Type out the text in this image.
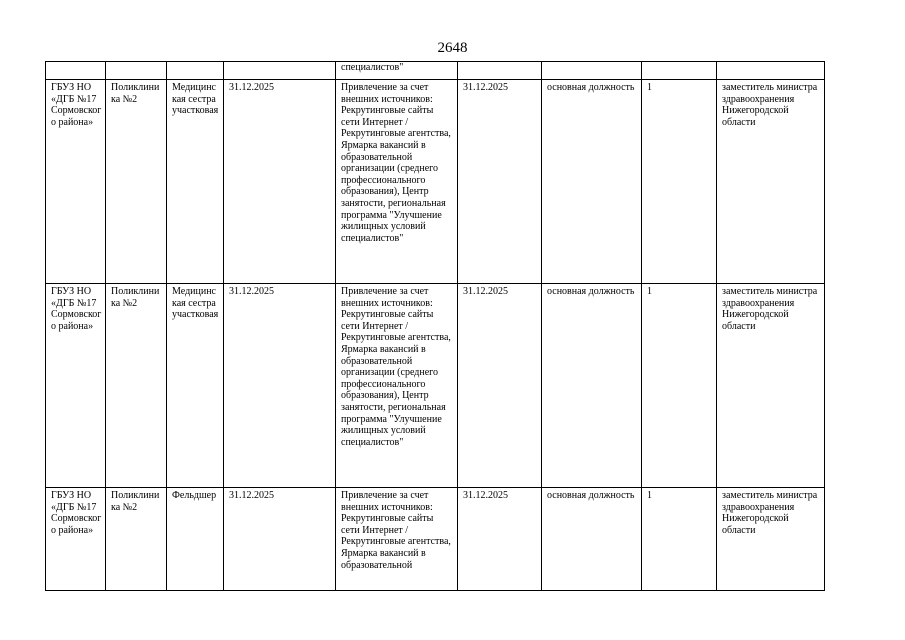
2648
				специалистов"				
ГБУЗ НО «ДГБ №17 Сормовского района»	Поликлиника №2	Медицинская сестра участковая	31.12.2025	Привлечение за счет внешних источников: Рекрутинговые сайты сети Интернет / Рекрутинговые агентства, Ярмарка вакансий в образовательной организации (среднего профессионального образования), Центр занятости, региональная программа "Улучшение жилищных условий специалистов"	31.12.2025	основная должность	1	заместитель министра здравоохранения Нижегородской области
ГБУЗ НО «ДГБ №17 Сормовского района»	Поликлиника №2	Медицинская сестра участковая	31.12.2025	Привлечение за счет внешних источников: Рекрутинговые сайты сети Интернет / Рекрутинговые агентства, Ярмарка вакансий в образовательной организации (среднего профессионального образования), Центр занятости, региональная программа "Улучшение жилищных условий специалистов"	31.12.2025	основная должность	1	заместитель министра здравоохранения Нижегородской области
ГБУЗ НО «ДГБ №17 Сормовского района»	Поликлиника №2	Фельдшер	31.12.2025	Привлечение за счет внешних источников: Рекрутинговые сайты сети Интернет / Рекрутинговые агентства, Ярмарка вакансий в образовательной	31.12.2025	основная должность	1	заместитель министра здравоохранения Нижегородской области
